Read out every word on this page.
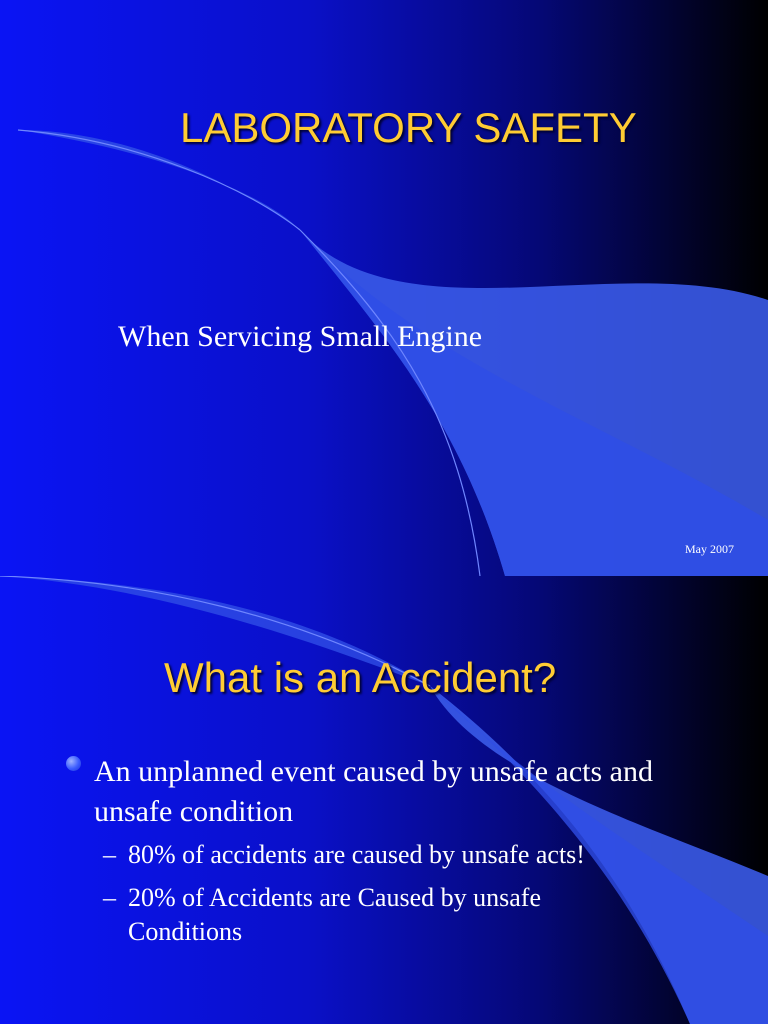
LABORATORY SAFETY
When Servicing Small Engine
May 2007
What is an Accident?
An unplanned event caused by unsafe acts and unsafe condition
– 80% of accidents are caused by unsafe acts!
– 20% of Accidents are Caused by unsafe Conditions
